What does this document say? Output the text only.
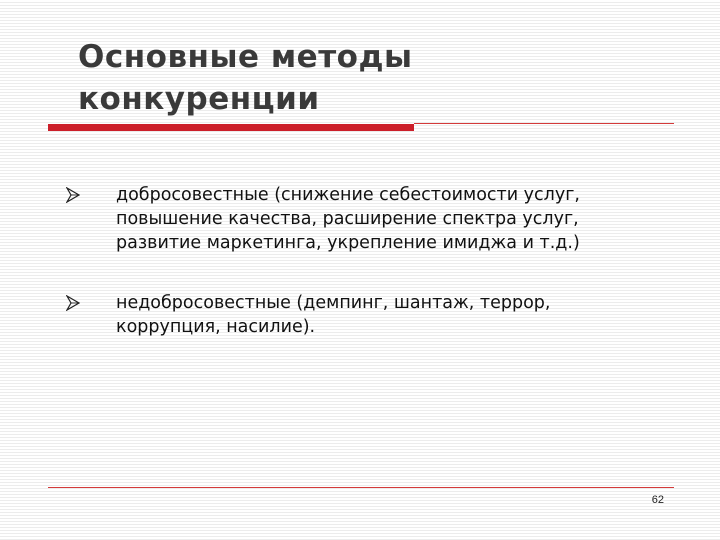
Основные методы
конкуренции
добросовестные (снижение себестоимости услуг,
повышение качества, расширение спектра услуг,
развитие маркетинга, укрепление имиджа и т.д.)
недобросовестные (демпинг, шантаж, террор,
коррупция, насилие).
62
